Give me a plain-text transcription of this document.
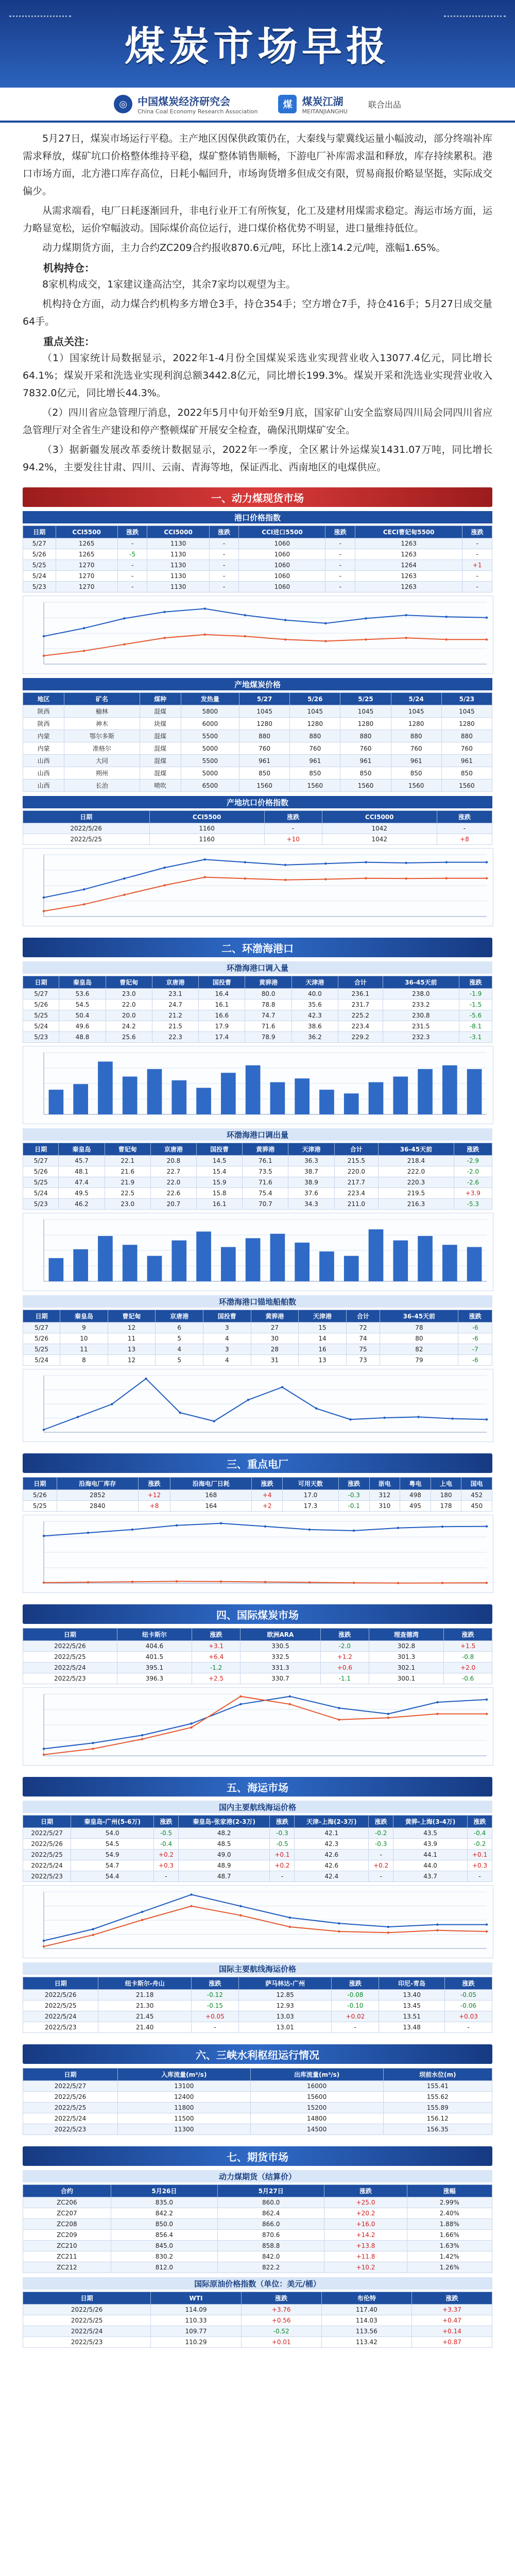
煤炭市场早报
◎	中国煤炭经济研究会
China Coal Economy Research Association
煤 煤炭江湖
MEITANJIANGHU
联合出品

5月27日，煤炭市场运行平稳。主产地区因保供政策仍在，大秦线与蒙冀线运量小幅波动，部分终端补库需求释放，煤矿坑口价格整体维持平稳，煤矿整体销售顺畅，下游电厂补库需求温和释放，库存持续累积。港口市场方面，北方港口库存高位，日耗小幅回升，市场询货增多但成交有限，贸易商报价略显坚挺，实际成交偏少。

从需求端看，电厂日耗逐渐回升，非电行业开工有所恢复，化工及建材用煤需求稳定。海运市场方面，运力略显宽松，运价窄幅波动。国际煤价高位运行，进口煤价格优势不明显，进口量维持低位。

动力煤期货方面，主力合约ZC209合约报收870.6元/吨，环比上涨14.2元/吨，涨幅1.65%。

机构持仓：

8家机构成交，1家建议逢高沽空，其余7家均以观望为主。

机构持仓方面，动力煤合约机构多方增仓3手，持仓354手；空方增仓7手，持仓416手；5月27日成交量64手。

重点关注：

（1）国家统计局数据显示，2022年1-4月份全国煤炭采选业实现营业收入13077.4亿元，同比增长64.1%；煤炭开采和洗选业实现利润总额3442.8亿元，同比增长199.3%。煤炭开采和洗选业实现营业收入7832.0亿元，同比增长44.3%。

（2）四川省应急管理厅消息，2022年5月中旬开始至9月底，国家矿山安全监察局四川局会同四川省应急管理厅对全省生产建设和停产整顿煤矿开展安全检查，确保汛期煤矿安全。

（3）据新疆发展改革委统计数据显示，2022年一季度，全区累计外运煤炭1431.07万吨，同比增长94.2%，主要发往甘肃、四川、云南、青海等地，保证西北、西南地区的电煤供应。

一、动力煤现货市场
港口价格指数
日期	CCI5500	涨跌	CCI5000	涨跌	CCI进口5500	涨跌	CECI曹妃甸5500	涨跌
5/27	1265	-	1130	-	1060	-	1263	-
5/26	1265	-5	1130	-	1060	-	1263	-
5/25	1270	-	1130	-	1060	-	1264	+1
5/24	1270	-	1130	-	1060	-	1263	-
5/23	1270	-	1130	-	1060	-	1263	-
产地煤炭价格
地区	矿名	煤种	发热量	5/27	5/26	5/25	5/24	5/23
陕西	榆林	混煤	5800	1045	1045	1045	1045	1045
陕西	神木	块煤	6000	1280	1280	1280	1280	1280
内蒙	鄂尔多斯	混煤	5500	880	880	880	880	880
内蒙	准格尔	混煤	5000	760	760	760	760	760
山西	大同	混煤	5500	961	961	961	961	961
山西	朔州	混煤	5000	850	850	850	850	850
山西	长治	喷吹	6500	1560	1560	1560	1560	1560
产地坑口价格指数
日期	CCI5500	涨跌	CCI5000	涨跌
2022/5/26	1160	-	1042	-
2022/5/25	1160	+10	1042	+8
二、环渤海港口
环渤海港口调入量
日期	秦皇岛	曹妃甸	京唐港	国投曹	黄骅港	天津港	合计	36-45天前	涨跌
5/27	53.6	23.0	23.1	16.4	80.0	40.0	236.1	238.0	-1.9
5/26	54.5	22.0	24.7	16.1	78.8	35.6	231.7	233.2	-1.5
5/25	50.4	20.0	21.2	16.6	74.7	42.3	225.2	230.8	-5.6
5/24	49.6	24.2	21.5	17.9	71.6	38.6	223.4	231.5	-8.1
5/23	48.8	25.6	22.3	17.4	78.9	36.2	229.2	232.3	-3.1
环渤海港口调出量
日期	秦皇岛	曹妃甸	京唐港	国投曹	黄骅港	天津港	合计	36-45天前	涨跌
5/27	45.7	22.1	20.8	14.5	76.1	36.3	215.5	218.4	-2.9
5/26	48.1	21.6	22.7	15.4	73.5	38.7	220.0	222.0	-2.0
5/25	47.4	21.9	22.0	15.9	71.6	38.9	217.7	220.3	-2.6
5/24	49.5	22.5	22.6	15.8	75.4	37.6	223.4	219.5	+3.9
5/23	46.2	23.0	20.7	16.1	70.7	34.3	211.0	216.3	-5.3
环渤海港口锚地船舶数
日期	秦皇岛	曹妃甸	京唐港	国投曹	黄骅港	天津港	合计	36-45天前	涨跌
5/27	9	12	6	3	27	15	72	78	-6
5/26	10	11	5	4	30	14	74	80	-6
5/25	11	13	4	3	28	16	75	82	-7
5/24	8	12	5	4	31	13	73	79	-6
三、重点电厂
日期	沿海电厂库存	涨跌	沿海电厂日耗	涨跌	可用天数	涨跌	浙电	粤电	上电	国电
5/26	2852	+12	168	+4	17.0	-0.3	312	498	180	452
5/25	2840	+8	164	+2	17.3	-0.1	310	495	178	450
四、国际煤炭市场
日期	纽卡斯尔	涨跌	欧洲ARA	涨跌	理查德湾	涨跌
2022/5/26	404.6	+3.1	330.5	-2.0	302.8	+1.5
2022/5/25	401.5	+6.4	332.5	+1.2	301.3	-0.8
2022/5/24	395.1	-1.2	331.3	+0.6	302.1	+2.0
2022/5/23	396.3	+2.5	330.7	-1.1	300.1	-0.6
五、海运市场
国内主要航线海运价格
日期	秦皇岛-广州(5-6万)	涨跌	秦皇岛-张家港(2-3万)	涨跌	天津-上海(2-3万)	涨跌	黄骅-上海(3-4万)	涨跌
2022/5/27	54.0	-0.5	48.2	-0.3	42.1	-0.2	43.5	-0.4
2022/5/26	54.5	-0.4	48.5	-0.5	42.3	-0.3	43.9	-0.2
2022/5/25	54.9	+0.2	49.0	+0.1	42.6	-	44.1	+0.1
2022/5/24	54.7	+0.3	48.9	+0.2	42.6	+0.2	44.0	+0.3
2022/5/23	54.4	-	48.7	-	42.4	-	43.7	-
国际主要航线海运价格
日期	纽卡斯尔-舟山	涨跌	萨马林达-广州	涨跌	印尼-青岛	涨跌
2022/5/26	21.18	-0.12	12.85	-0.08	13.40	-0.05
2022/5/25	21.30	-0.15	12.93	-0.10	13.45	-0.06
2022/5/24	21.45	+0.05	13.03	+0.02	13.51	+0.03
2022/5/23	21.40	-	13.01	-	13.48	-
六、三峡水利枢纽运行情况
日期	入库流量(m³/s)	出库流量(m³/s)	坝前水位(m)
2022/5/27	13100	16000	155.41
2022/5/26	12400	15600	155.62
2022/5/25	11800	15200	155.89
2022/5/24	11500	14800	156.12
2022/5/23	11300	14500	156.35
七、期货市场
动力煤期货（结算价）
合约	5月26日	5月27日	涨跌	涨幅
ZC206	835.0	860.0	+25.0	2.99%
ZC207	842.2	862.4	+20.2	2.40%
ZC208	850.0	866.0	+16.0	1.88%
ZC209	856.4	870.6	+14.2	1.66%
ZC210	845.0	858.8	+13.8	1.63%
ZC211	830.2	842.0	+11.8	1.42%
ZC212	812.0	822.2	+10.2	1.26%
国际原油价格指数（单位：美元/桶）
日期	WTI	涨跌	布伦特	涨跌
2022/5/26	114.09	+3.76	117.40	+3.37
2022/5/25	110.33	+0.56	114.03	+0.47
2022/5/24	109.77	-0.52	113.56	+0.14
2022/5/23	110.29	+0.01	113.42	+0.87
